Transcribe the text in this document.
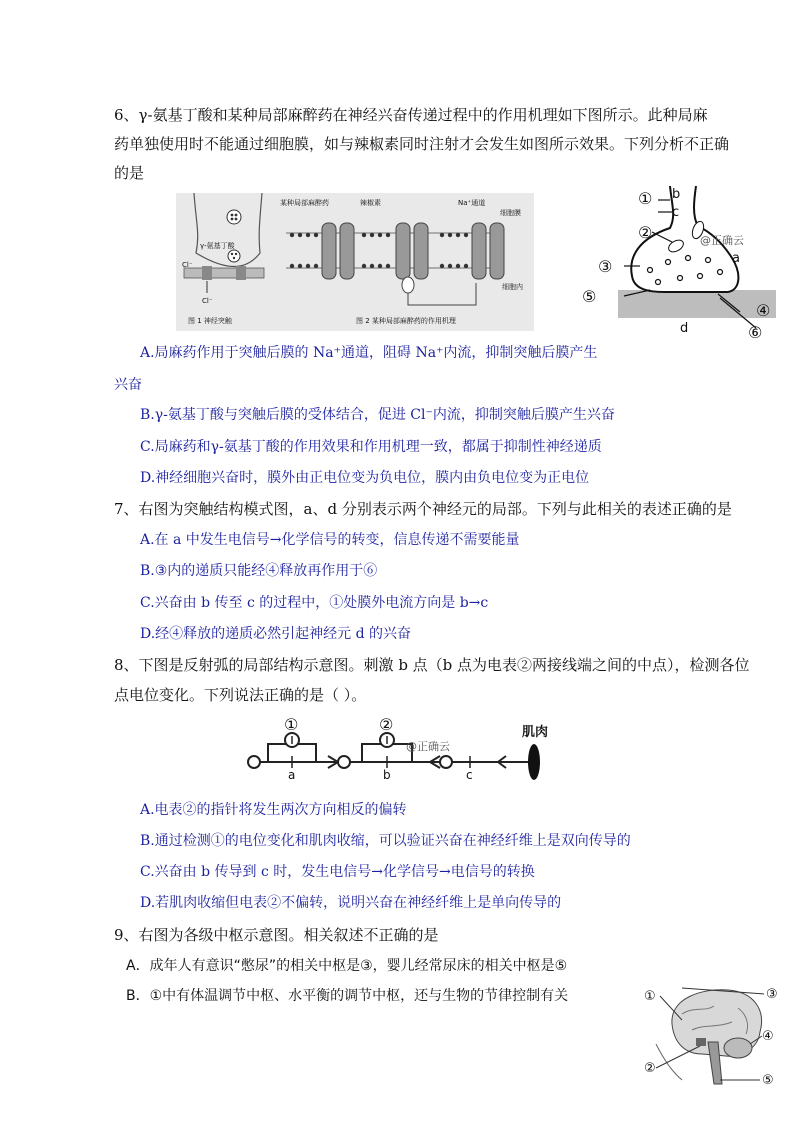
6、γ-氨基丁酸和某种局部麻醉药在神经兴奋传递过程中的作用机理如下图所示。此种局麻
药单独使用时不能通过细胞膜，如与辣椒素同时注射才会发生如图所示效果。下列分析不正确
的是
γ-氨基丁酸
Cl⁻
Cl⁻
图 1 神经突触
某种局部麻醉药	辣椒素	Na⁺通道
细胞膜
细胞内
图 2 某种局部麻醉药的作用机理
① b
c
②	@正确云
a
③
⑤
④
d	⑥
A.局麻药作用于突触后膜的 Na⁺通道，阻碍 Na⁺内流，抑制突触后膜产生
兴奋
B.γ-氨基丁酸与突触后膜的受体结合，促进 Cl⁻内流，抑制突触后膜产生兴奋
C.局麻药和γ-氨基丁酸的作用效果和作用机理一致，都属于抑制性神经递质
D.神经细胞兴奋时，膜外由正电位变为负电位，膜内由负电位变为正电位
7、右图为突触结构模式图，a、d 分别表示两个神经元的局部。下列与此相关的表述正确的是
A.在 a 中发生电信号→化学信号的转变，信息传递不需要能量
B.③内的递质只能经④释放再作用于⑥
C.兴奋由 b 传至 c 的过程中，①处膜外电流方向是 b→c
D.经④释放的递质必然引起神经元 d 的兴奋
8、下图是反射弧的局部结构示意图。刺激 b 点（b 点为电表②两接线端之间的中点），检测各位
点电位变化。下列说法正确的是（ ）。
①	②
@正确云
肌肉
a	b	c
A.电表②的指针将发生两次方向相反的偏转
B.通过检测①的电位变化和肌肉收缩，可以验证兴奋在神经纤维上是双向传导的
C.兴奋由 b 传导到 c 时，发生电信号→化学信号→电信号的转换
D.若肌肉收缩但电表②不偏转，说明兴奋在神经纤维上是单向传导的
9、右图为各级中枢示意图。相关叙述不正确的是
A．成年人有意识“憋尿”的相关中枢是③，婴儿经常尿床的相关中枢是⑤
B．①中有体温调节中枢、水平衡的调节中枢，还与生物的节律控制有关	①	③
④
②
⑤
